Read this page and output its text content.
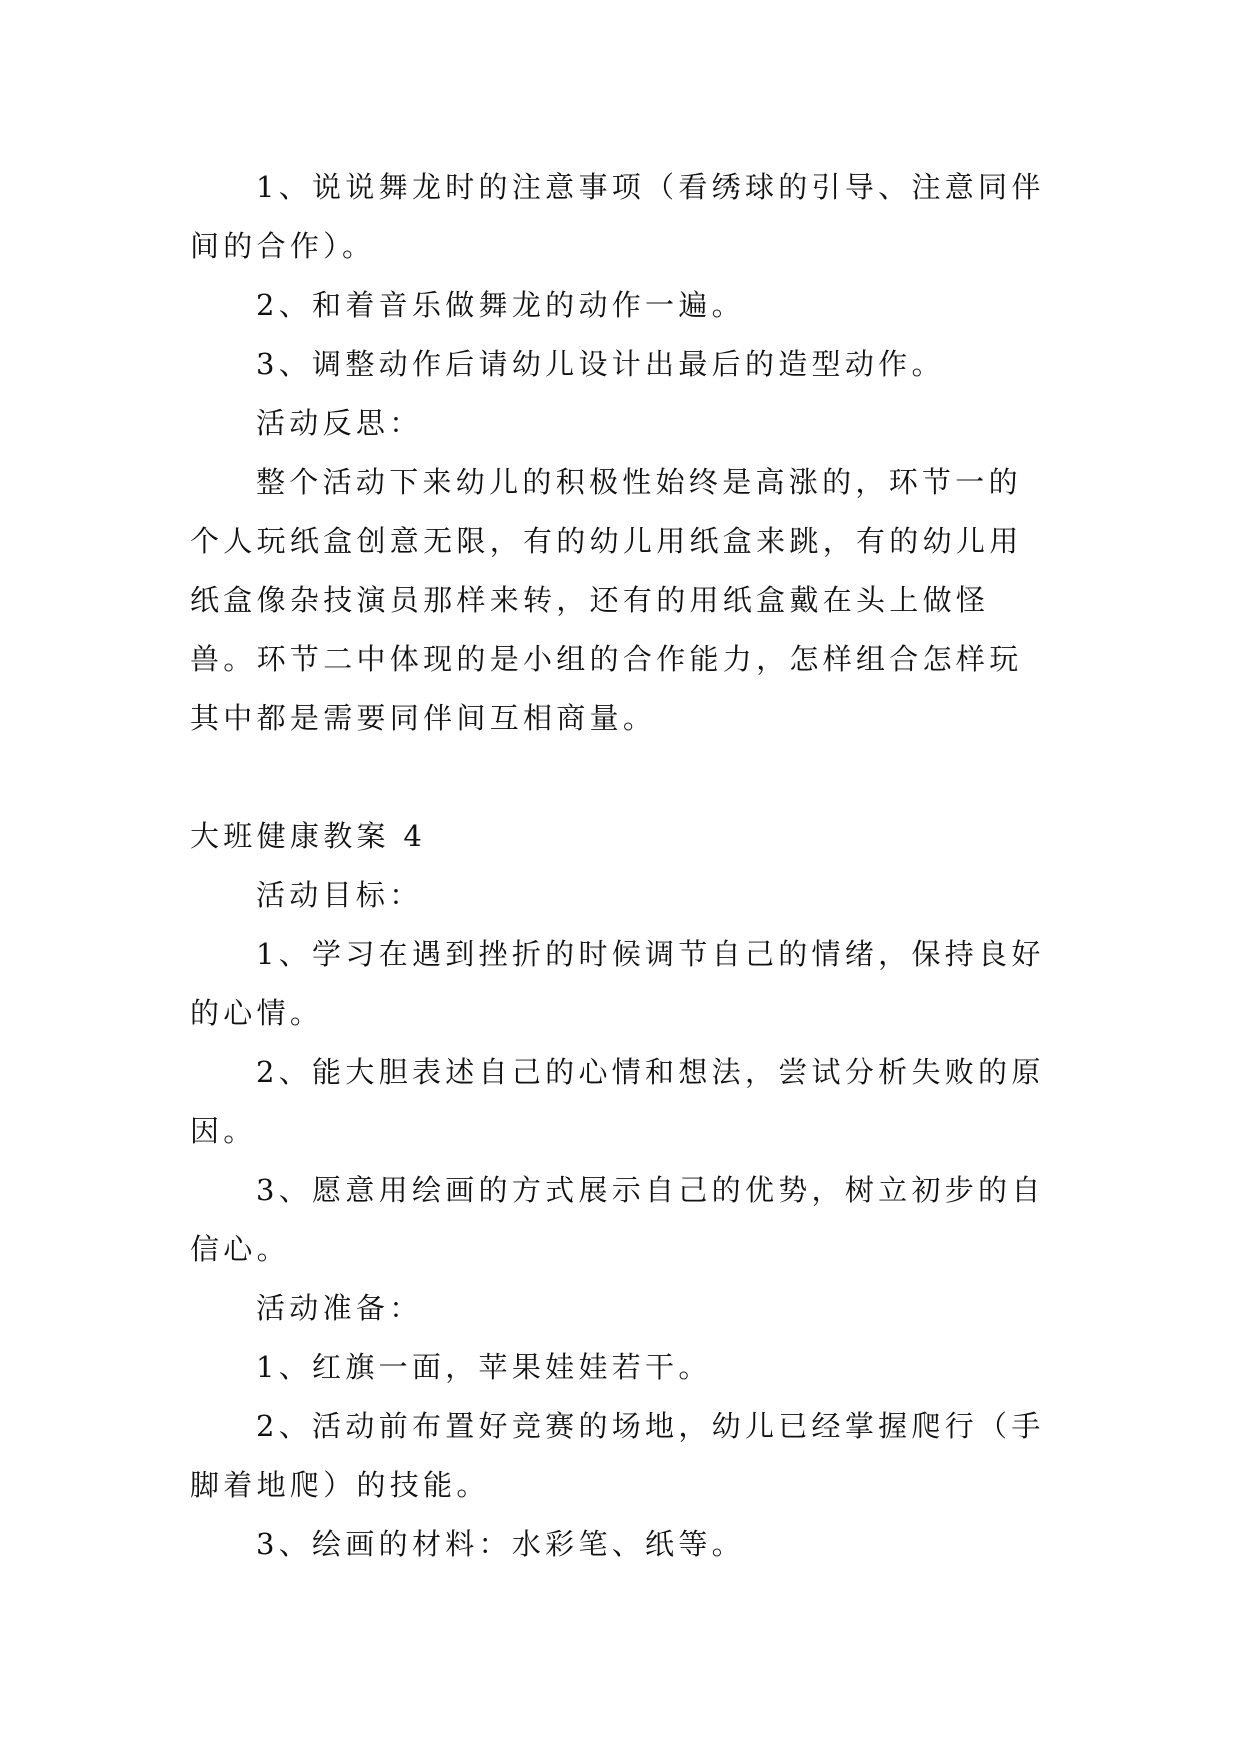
1、说说舞龙时的注意事项（看绣球的引导、注意同伴间的合作）。

2、和着音乐做舞龙的动作一遍。

3、调整动作后请幼儿设计出最后的造型动作。

活动反思：

整个活动下来幼儿的积极性始终是高涨的，环节一的个人玩纸盒创意无限，有的幼儿用纸盒来跳，有的幼儿用纸盒像杂技演员那样来转，还有的用纸盒戴在头上做怪兽。环节二中体现的是小组的合作能力，怎样组合怎样玩其中都是需要同伴间互相商量。

大班健康教案 4

活动目标：

1、学习在遇到挫折的时候调节自己的情绪，保持良好的心情。

2、能大胆表述自己的心情和想法，尝试分析失败的原因。

3、愿意用绘画的方式展示自己的优势，树立初步的自信心。

活动准备：

1、红旗一面，苹果娃娃若干。

2、活动前布置好竞赛的场地，幼儿已经掌握爬行（手脚着地爬）的技能。

3、绘画的材料：水彩笔、纸等。
